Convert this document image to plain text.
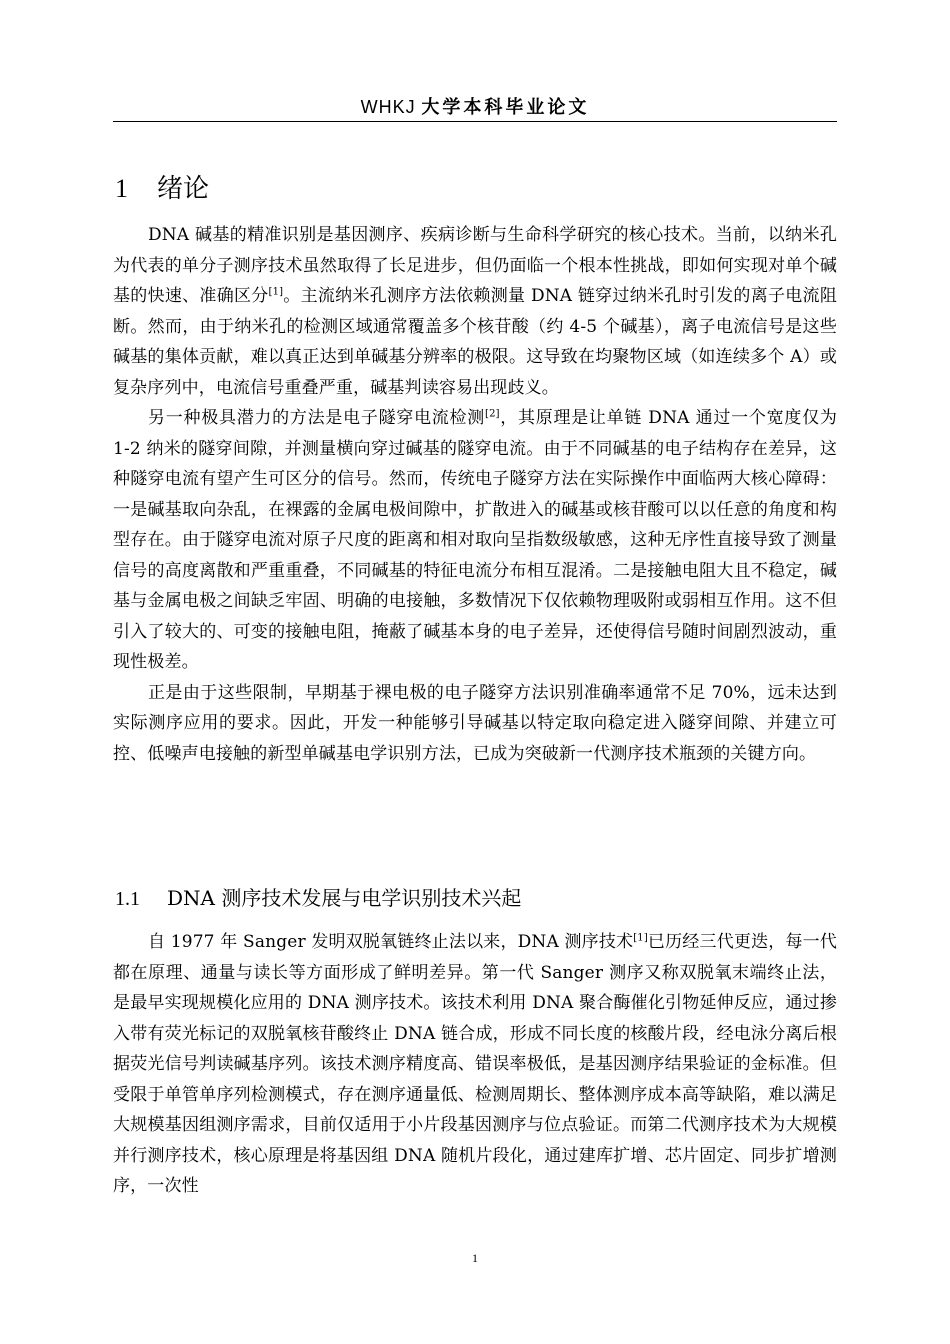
WHKJ 大学本科毕业论文
1 绪论

DNA 碱基的精准识别是基因测序、疾病诊断与生命科学研究的核心技术。当前，以纳米孔为代表的单分子测序技术虽然取得了长足进步，但仍面临一个根本性挑战，即如何实现对单个碱基的快速、准确区分[1]。主流纳米孔测序方法依赖测量 DNA 链穿过纳米孔时引发的离子电流阻断。然而，由于纳米孔的检测区域通常覆盖多个核苷酸（约 4-5 个碱基），离子电流信号是这些碱基的集体贡献，难以真正达到单碱基分辨率的极限。这导致在均聚物区域（如连续多个 A）或复杂序列中，电流信号重叠严重，碱基判读容易出现歧义。

另一种极具潜力的方法是电子隧穿电流检测[2]，其原理是让单链 DNA 通过一个宽度仅为 1-2 纳米的隧穿间隙，并测量横向穿过碱基的隧穿电流。由于不同碱基的电子结构存在差异，这种隧穿电流有望产生可区分的信号。然而，传统电子隧穿方法在实际操作中面临两大核心障碍：一是碱基取向杂乱，在裸露的金属电极间隙中，扩散进入的碱基或核苷酸可以以任意的角度和构型存在。由于隧穿电流对原子尺度的距离和相对取向呈指数级敏感，这种无序性直接导致了测量信号的高度离散和严重重叠，不同碱基的特征电流分布相互混淆。二是接触电阻大且不稳定，碱基与金属电极之间缺乏牢固、明确的电接触，多数情况下仅依赖物理吸附或弱相互作用。这不但引入了较大的、可变的接触电阻，掩蔽了碱基本身的电子差异，还使得信号随时间剧烈波动，重现性极差。

正是由于这些限制，早期基于裸电极的电子隧穿方法识别准确率通常不足 70%，远未达到实际测序应用的要求。因此，开发一种能够引导碱基以特定取向稳定进入隧穿间隙、并建立可控、低噪声电接触的新型单碱基电学识别方法，已成为突破新一代测序技术瓶颈的关键方向。

1.1 DNA 测序技术发展与电学识别技术兴起

自 1977 年 Sanger 发明双脱氧链终止法以来，DNA 测序技术[1]已历经三代更迭，每一代都在原理、通量与读长等方面形成了鲜明差异。第一代 Sanger 测序又称双脱氧末端终止法，是最早实现规模化应用的 DNA 测序技术。该技术利用 DNA 聚合酶催化引物延伸反应，通过掺入带有荧光标记的双脱氧核苷酸终止 DNA 链合成，形成不同长度的核酸片段，经电泳分离后根据荧光信号判读碱基序列。该技术测序精度高、错误率极低，是基因测序结果验证的金标准。但受限于单管单序列检测模式，存在测序通量低、检测周期长、整体测序成本高等缺陷，难以满足大规模基因组测序需求，目前仅适用于小片段基因测序与位点验证。而第二代测序技术为大规模并行测序技术，核心原理是将基因组 DNA 随机片段化，通过建库扩增、芯片固定、同步扩增测序，一次性

1
